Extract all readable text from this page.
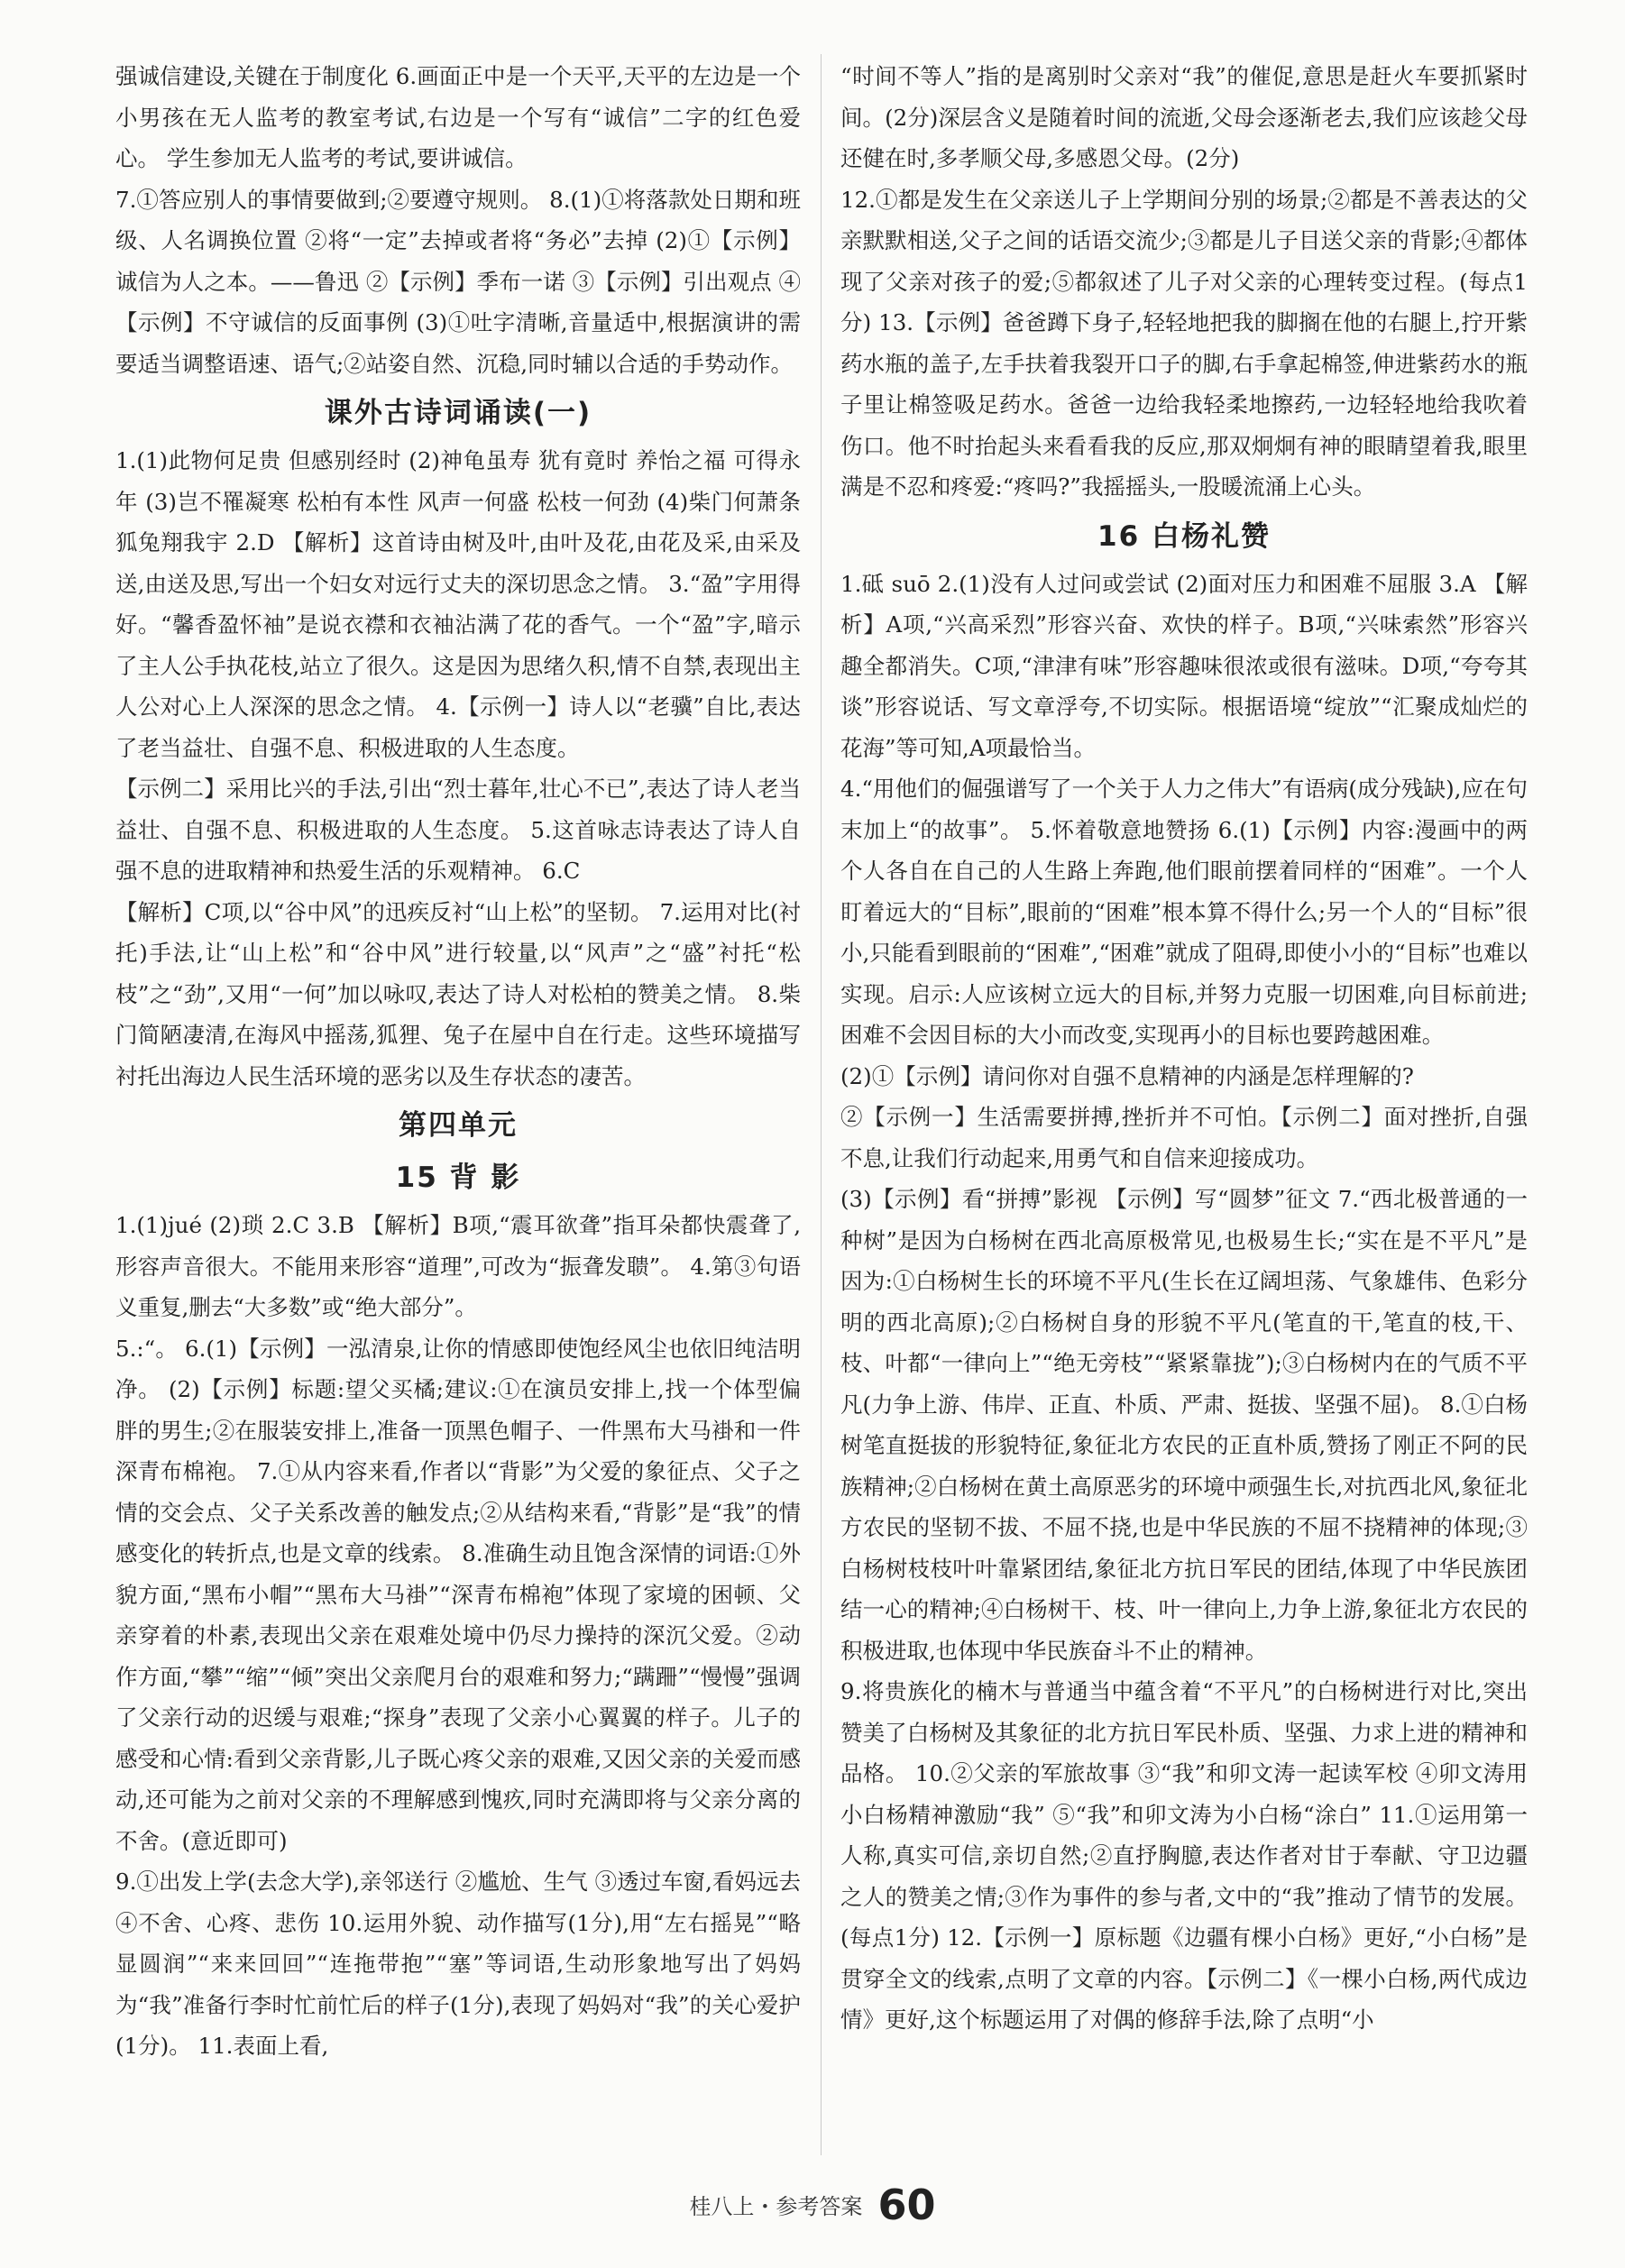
强诚信建设,关键在于制度化 6.画面正中是一个天平,天平的左边是一个小男孩在无人监考的教室考试,右边是一个写有“诚信”二字的红色爱心。 学生参加无人监考的考试,要讲诚信。

7.①答应别人的事情要做到;②要遵守规则。 8.(1)①将落款处日期和班级、人名调换位置 ②将“一定”去掉或者将“务必”去掉 (2)①【示例】诚信为人之本。——鲁迅 ②【示例】季布一诺 ③【示例】引出观点 ④【示例】不守诚信的反面事例 (3)①吐字清晰,音量适中,根据演讲的需要适当调整语速、语气;②站姿自然、沉稳,同时辅以合适的手势动作。

课外古诗词诵读(一)

1.(1)此物何足贵 但感别经时 (2)神龟虽寿 犹有竟时 养怡之福 可得永年 (3)岂不罹凝寒 松柏有本性 风声一何盛 松枝一何劲 (4)柴门何萧条 狐兔翔我宇 2.D 【解析】这首诗由树及叶,由叶及花,由花及采,由采及送,由送及思,写出一个妇女对远行丈夫的深切思念之情。 3.“盈”字用得好。“馨香盈怀袖”是说衣襟和衣袖沾满了花的香气。一个“盈”字,暗示了主人公手执花枝,站立了很久。这是因为思绪久积,情不自禁,表现出主人公对心上人深深的思念之情。 4.【示例一】诗人以“老骥”自比,表达了老当益壮、自强不息、积极进取的人生态度。

【示例二】采用比兴的手法,引出“烈士暮年,壮心不已”,表达了诗人老当益壮、自强不息、积极进取的人生态度。 5.这首咏志诗表达了诗人自强不息的进取精神和热爱生活的乐观精神。 6.C

【解析】C项,以“谷中风”的迅疾反衬“山上松”的坚韧。 7.运用对比(衬托)手法,让“山上松”和“谷中风”进行较量,以“风声”之“盛”衬托“松枝”之“劲”,又用“一何”加以咏叹,表达了诗人对松柏的赞美之情。 8.柴门简陋凄清,在海风中摇荡,狐狸、兔子在屋中自在行走。这些环境描写衬托出海边人民生活环境的恶劣以及生存状态的凄苦。

第四单元
15 背 影

1.(1)jué (2)琐 2.C 3.B 【解析】B项,“震耳欲聋”指耳朵都快震聋了,形容声音很大。不能用来形容“道理”,可改为“振聋发聩”。 4.第③句语义重复,删去“大多数”或“绝大部分”。

5.:“。 6.(1)【示例】一泓清泉,让你的情感即使饱经风尘也依旧纯洁明净。 (2)【示例】标题:望父买橘;建议:①在演员安排上,找一个体型偏胖的男生;②在服装安排上,准备一顶黑色帽子、一件黑布大马褂和一件深青布棉袍。 7.①从内容来看,作者以“背影”为父爱的象征点、父子之情的交会点、父子关系改善的触发点;②从结构来看,“背影”是“我”的情感变化的转折点,也是文章的线索。 8.准确生动且饱含深情的词语:①外貌方面,“黑布小帽”“黑布大马褂”“深青布棉袍”体现了家境的困顿、父亲穿着的朴素,表现出父亲在艰难处境中仍尽力操持的深沉父爱。②动作方面,“攀”“缩”“倾”突出父亲爬月台的艰难和努力;“蹒跚”“慢慢”强调了父亲行动的迟缓与艰难;“探身”表现了父亲小心翼翼的样子。儿子的感受和心情:看到父亲背影,儿子既心疼父亲的艰难,又因父亲的关爱而感动,还可能为之前对父亲的不理解感到愧疚,同时充满即将与父亲分离的不舍。(意近即可)

9.①出发上学(去念大学),亲邻送行 ②尴尬、生气 ③透过车窗,看妈远去 ④不舍、心疼、悲伤 10.运用外貌、动作描写(1分),用“左右摇晃”“略显圆润”“来来回回”“连拖带抱”“塞”等词语,生动形象地写出了妈妈为“我”准备行李时忙前忙后的样子(1分),表现了妈妈对“我”的关心爱护(1分)。 11.表面上看,

“时间不等人”指的是离别时父亲对“我”的催促,意思是赶火车要抓紧时间。(2分)深层含义是随着时间的流逝,父母会逐渐老去,我们应该趁父母还健在时,多孝顺父母,多感恩父母。(2分)

12.①都是发生在父亲送儿子上学期间分别的场景;②都是不善表达的父亲默默相送,父子之间的话语交流少;③都是儿子目送父亲的背影;④都体现了父亲对孩子的爱;⑤都叙述了儿子对父亲的心理转变过程。(每点1分) 13.【示例】爸爸蹲下身子,轻轻地把我的脚搁在他的右腿上,拧开紫药水瓶的盖子,左手扶着我裂开口子的脚,右手拿起棉签,伸进紫药水的瓶子里让棉签吸足药水。爸爸一边给我轻柔地擦药,一边轻轻地给我吹着伤口。他不时抬起头来看看我的反应,那双炯炯有神的眼睛望着我,眼里满是不忍和疼爱:“疼吗?”我摇摇头,一股暖流涌上心头。

16 白杨礼赞

1.砥 suō 2.(1)没有人过问或尝试 (2)面对压力和困难不屈服 3.A 【解析】A项,“兴高采烈”形容兴奋、欢快的样子。B项,“兴味索然”形容兴趣全都消失。C项,“津津有味”形容趣味很浓或很有滋味。D项,“夸夸其谈”形容说话、写文章浮夸,不切实际。根据语境“绽放”“汇聚成灿烂的花海”等可知,A项最恰当。

4.“用他们的倔强谱写了一个关于人力之伟大”有语病(成分残缺),应在句末加上“的故事”。 5.怀着敬意地赞扬 6.(1)【示例】内容:漫画中的两个人各自在自己的人生路上奔跑,他们眼前摆着同样的“困难”。一个人盯着远大的“目标”,眼前的“困难”根本算不得什么;另一个人的“目标”很小,只能看到眼前的“困难”,“困难”就成了阻碍,即使小小的“目标”也难以实现。启示:人应该树立远大的目标,并努力克服一切困难,向目标前进;困难不会因目标的大小而改变,实现再小的目标也要跨越困难。

(2)①【示例】请问你对自强不息精神的内涵是怎样理解的?

②【示例一】生活需要拼搏,挫折并不可怕。【示例二】面对挫折,自强不息,让我们行动起来,用勇气和自信来迎接成功。

(3)【示例】看“拼搏”影视 【示例】写“圆梦”征文 7.“西北极普通的一种树”是因为白杨树在西北高原极常见,也极易生长;“实在是不平凡”是因为:①白杨树生长的环境不平凡(生长在辽阔坦荡、气象雄伟、色彩分明的西北高原);②白杨树自身的形貌不平凡(笔直的干,笔直的枝,干、枝、叶都“一律向上”“绝无旁枝”“紧紧靠拢”);③白杨树内在的气质不平凡(力争上游、伟岸、正直、朴质、严肃、挺拔、坚强不屈)。 8.①白杨树笔直挺拔的形貌特征,象征北方农民的正直朴质,赞扬了刚正不阿的民族精神;②白杨树在黄土高原恶劣的环境中顽强生长,对抗西北风,象征北方农民的坚韧不拔、不屈不挠,也是中华民族的不屈不挠精神的体现;③白杨树枝枝叶叶靠紧团结,象征北方抗日军民的团结,体现了中华民族团结一心的精神;④白杨树干、枝、叶一律向上,力争上游,象征北方农民的积极进取,也体现中华民族奋斗不止的精神。

9.将贵族化的楠木与普通当中蕴含着“不平凡”的白杨树进行对比,突出赞美了白杨树及其象征的北方抗日军民朴质、坚强、力求上进的精神和品格。 10.②父亲的军旅故事 ③“我”和卯文涛一起读军校 ④卯文涛用小白杨精神激励“我” ⑤“我”和卯文涛为小白杨“涂白” 11.①运用第一人称,真实可信,亲切自然;②直抒胸臆,表达作者对甘于奉献、守卫边疆之人的赞美之情;③作为事件的参与者,文中的“我”推动了情节的发展。(每点1分) 12.【示例一】原标题《边疆有棵小白杨》更好,“小白杨”是贯穿全文的线索,点明了文章的内容。【示例二】《一棵小白杨,两代成边情》更好,这个标题运用了对偶的修辞手法,除了点明“小

桂八上・参考答案 60
